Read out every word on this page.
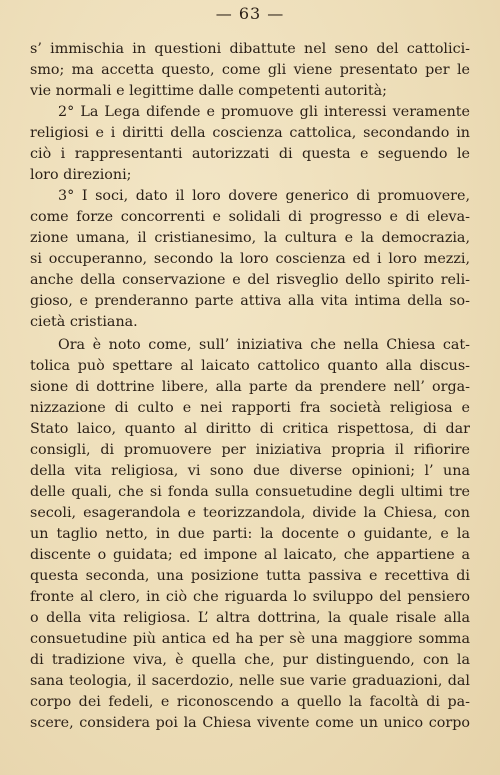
— 63 —
s’ immischia in questioni dibattute nel seno del cattolici-
smo; ma accetta questo, come gli viene presentato per le
vie normali e legittime dalle competenti autorità;
2° La Lega difende e promuove gli interessi veramente
religiosi e i diritti della coscienza cattolica, secondando in
ciò i rappresentanti autorizzati di questa e seguendo le
loro direzioni;
3° I soci, dato il loro dovere generico di promuovere,
come forze concorrenti e solidali di progresso e di eleva-
zione umana, il cristianesimo, la cultura e la democrazia,
si occuperanno, secondo la loro coscienza ed i loro mezzi,
anche della conservazione e del risveglio dello spirito reli-
gioso, e prenderanno parte attiva alla vita intima della so-
cietà cristiana.
Ora è noto come, sull’ iniziativa che nella Chiesa cat-
tolica può spettare al laicato cattolico quanto alla discus-
sione di dottrine libere, alla parte da prendere nell’ orga-
nizzazione di culto e nei rapporti fra società religiosa e
Stato laico, quanto al diritto di critica rispettosa, di dar
consigli, di promuovere per iniziativa propria il rifiorire
della vita religiosa, vi sono due diverse opinioni; l’ una
delle quali, che si fonda sulla consuetudine degli ultimi tre
secoli, esagerandola e teorizzandola, divide la Chiesa, con
un taglio netto, in due parti: la docente o guidante, e la
discente o guidata; ed impone al laicato, che appartiene a
questa seconda, una posizione tutta passiva e recettiva di
fronte al clero, in ciò che riguarda lo sviluppo del pensiero
o della vita religiosa. L’ altra dottrina, la quale risale alla
consuetudine più antica ed ha per sè una maggiore somma
di tradizione viva, è quella che, pur distinguendo, con la
sana teologia, il sacerdozio, nelle sue varie graduazioni, dal
corpo dei fedeli, e riconoscendo a quello la facoltà di pa-
scere, considera poi la Chiesa vivente come un unico corpo
